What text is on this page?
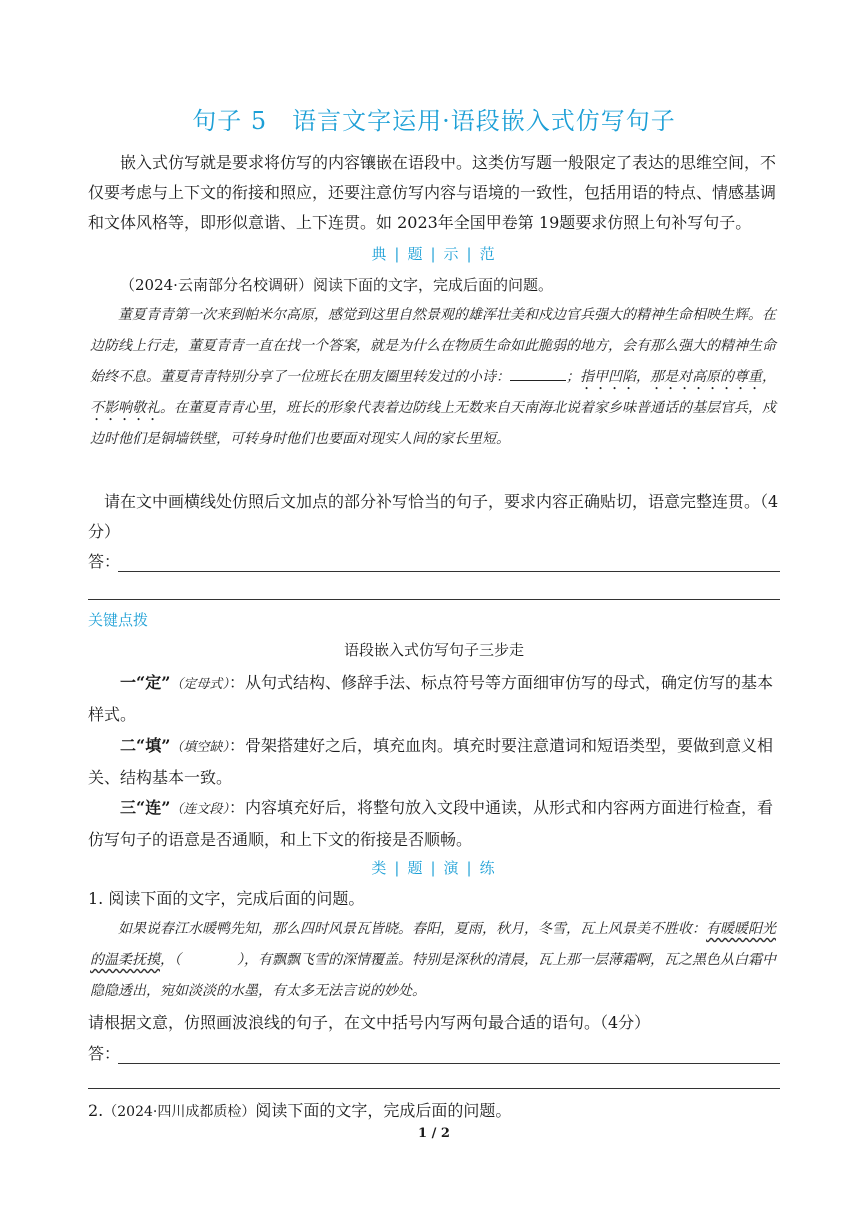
句子 5　语言文字运用·语段嵌入式仿写句子
嵌入式仿写就是要求将仿写的内容镶嵌在语段中。这类仿写题一般限定了表达的思维空间，不仅要考虑与上下文的衔接和照应，还要注意仿写内容与语境的一致性，包括用语的特点、情感基调和文体风格等，即形似意谐、上下连贯。如 2023年全国甲卷第 19题要求仿照上句补写句子。
典 | 题 | 示 | 范
（2024·云南部分名校调研）阅读下面的文字，完成后面的问题。
董夏青青第一次来到帕米尔高原，感觉到这里自然景观的雄浑壮美和戍边官兵强大的精神生命相映生辉。在边防线上行走，董夏青青一直在找一个答案，就是为什么在物质生命如此脆弱的地方，会有那么强大的精神生命始终不息。董夏青青特别分享了一位班长在朋友圈里转发过的小诗：	；指甲凹陷，那是对高原的尊重，不影响敬礼。在董夏青青心里，班长的形象代表着边防线上无数来自天南海北说着家乡味普通话的基层官兵，戍边时他们是铜墙铁壁，可转身时他们也要面对现实人间的家长里短。
请在文中画横线处仿照后文加点的部分补写恰当的句子，要求内容正确贴切，语意完整连贯。（4分）
答：
关键点拨
语段嵌入式仿写句子三步走
一“定”（定母式）：从句式结构、修辞手法、标点符号等方面细审仿写的母式，确定仿写的基本样式。
二“填”（填空缺）：骨架搭建好之后，填充血肉。填充时要注意遣词和短语类型，要做到意义相关、结构基本一致。
三“连”（连文段）：内容填充好后，将整句放入文段中通读，从形式和内容两方面进行检查，看仿写句子的语意是否通顺，和上下文的衔接是否顺畅。
类 | 题 | 演 | 练
1. 阅读下面的文字，完成后面的问题。
如果说春江水暖鸭先知，那么四时风景瓦皆晓。春阳，夏雨，秋月，冬雪，瓦上风景美不胜收：有暖暖阳光的温柔抚摸，（　　　　），有飘飘飞雪的深情覆盖。特别是深秋的清晨，瓦上那一层薄霜啊，瓦之黑色从白霜中隐隐透出，宛如淡淡的水墨，有太多无法言说的妙处。
请根据文意，仿照画波浪线的句子，在文中括号内写两句最合适的语句。（4分）
答：
2.（2024·四川成都质检）阅读下面的文字，完成后面的问题。
1 / 2
